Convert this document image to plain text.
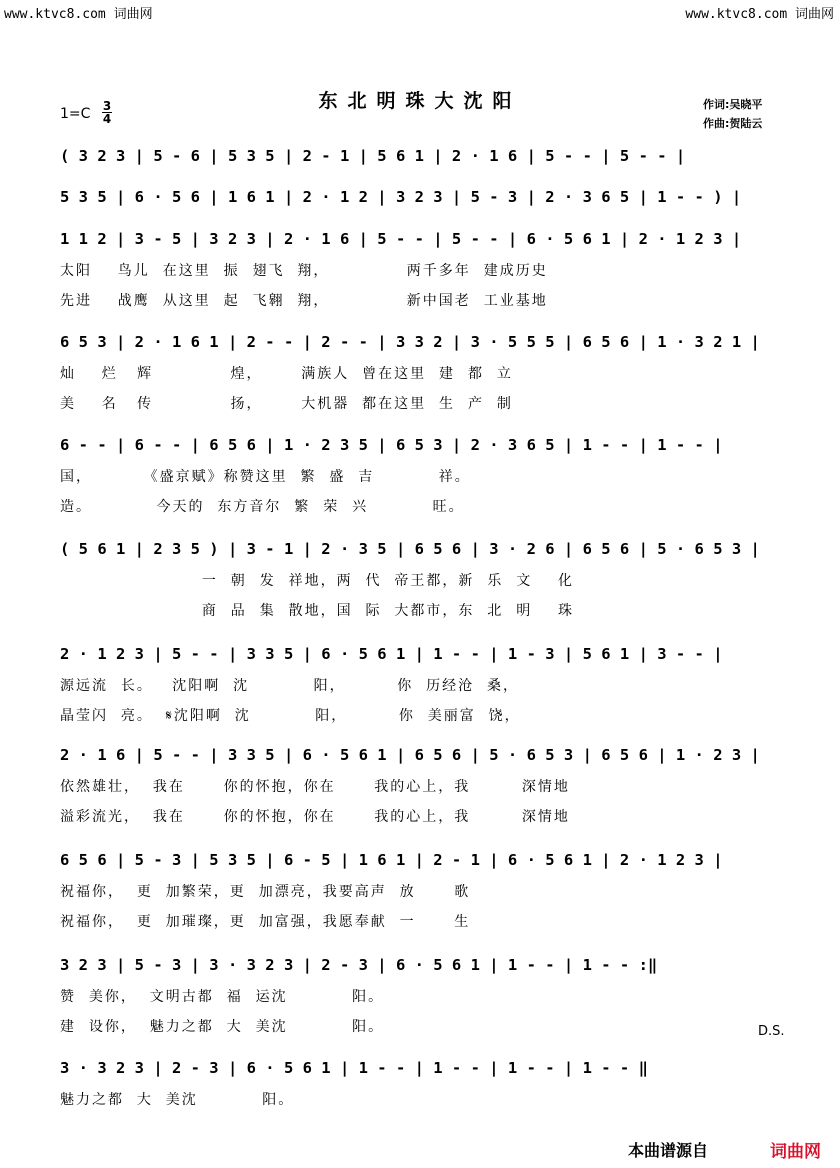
www.ktvc8.com 词曲网	www.ktvc8.com 词曲网
东北明珠大沈阳
1=C 3
4
作词:吴晓平
作曲:贺陆云
( 3 2 3 | 5 - 6 | 5 3 5 | 2 - 1 | 5 6 1 | 2 · 1 6 | 5 - - | 5 - - |
5 3 5 | 6 · 5 6 | 1 6 1 | 2 · 1 2 | 3 2 3 | 5 - 3 | 2 · 3 6 5 | 1 - - ) |
1 1 2 | 3 - 5 | 3 2 3 | 2 · 1 6 | 5 - - | 5 - - | 6 · 5 6 1 | 2 · 1 2 3 |
太阳    鸟儿  在这里  振  翅飞  翔，            两千多年  建成历史
先进    战鹰  从这里  起  飞翱  翔，            新中国老  工业基地
6 5 3 | 2 · 1 6 1 | 2 - - | 2 - - | 3 3 2 | 3 · 5 5 5 | 6 5 6 | 1 · 3 2 1 |
灿    烂   辉            煌，      满族人  曾在这里  建  都  立
美    名   传            扬，      大机器  都在这里  生  产  制
6 - - | 6 - - | 6 5 6 | 1 · 2 3 5 | 6 5 3 | 2 · 3 6 5 | 1 - - | 1 - - |
国，        《盛京赋》称赞这里  繁  盛  吉          祥。
造。          今天的  东方音尔  繁  荣  兴          旺。
( 5 6 1 | 2 3 5 ) | 3 - 1 | 2 · 3 5 | 6 5 6 | 3 · 2 6 | 6 5 6 | 5 · 6 5 3 |
一  朝  发  祥地，两  代  帝王都，新  乐  文    化
商  品  集  散地，国  际  大都市，东  北  明    珠
2 · 1 2 3 | 5 - - | 3 3 5 | 6 · 5 6 1 | 1 - - | 1 - 3 | 5 6 1 | 3 - - |
源远流  长。   沈阳啊  沈          阳，        你  历经沧  桑，
晶莹闪  亮。  𝄋沈阳啊  沈          阳，        你  美丽富  饶，
2 · 1 6 | 5 - - | 3 3 5 | 6 · 5 6 1 | 6 5 6 | 5 · 6 5 3 | 6 5 6 | 1 · 2 3 |
依然雄壮，  我在      你的怀抱，你在      我的心上，我        深情地
溢彩流光，  我在      你的怀抱，你在      我的心上，我        深情地
6 5 6 | 5 - 3 | 5 3 5 | 6 - 5 | 1 6 1 | 2 - 1 | 6 · 5 6 1 | 2 · 1 2 3 |
祝福你，  更  加繁荣，更  加漂亮，我要高声  放      歌
祝福你，  更  加璀璨，更  加富强，我愿奉献  一      生
3 2 3 | 5 - 3 | 3 · 3 2 3 | 2 - 3 | 6 · 5 6 1 | 1 - - | 1 - - :‖
赞  美你，  文明古都  福  运沈          阳。
建  设你，  魅力之都  大  美沈          阳。
3 · 3 2 3 | 2 - 3 | 6 · 5 6 1 | 1 - - | 1 - - | 1 - - | 1 - - ‖
魅力之都  大  美沈          阳。
D.S.
本曲谱源自	词曲网
